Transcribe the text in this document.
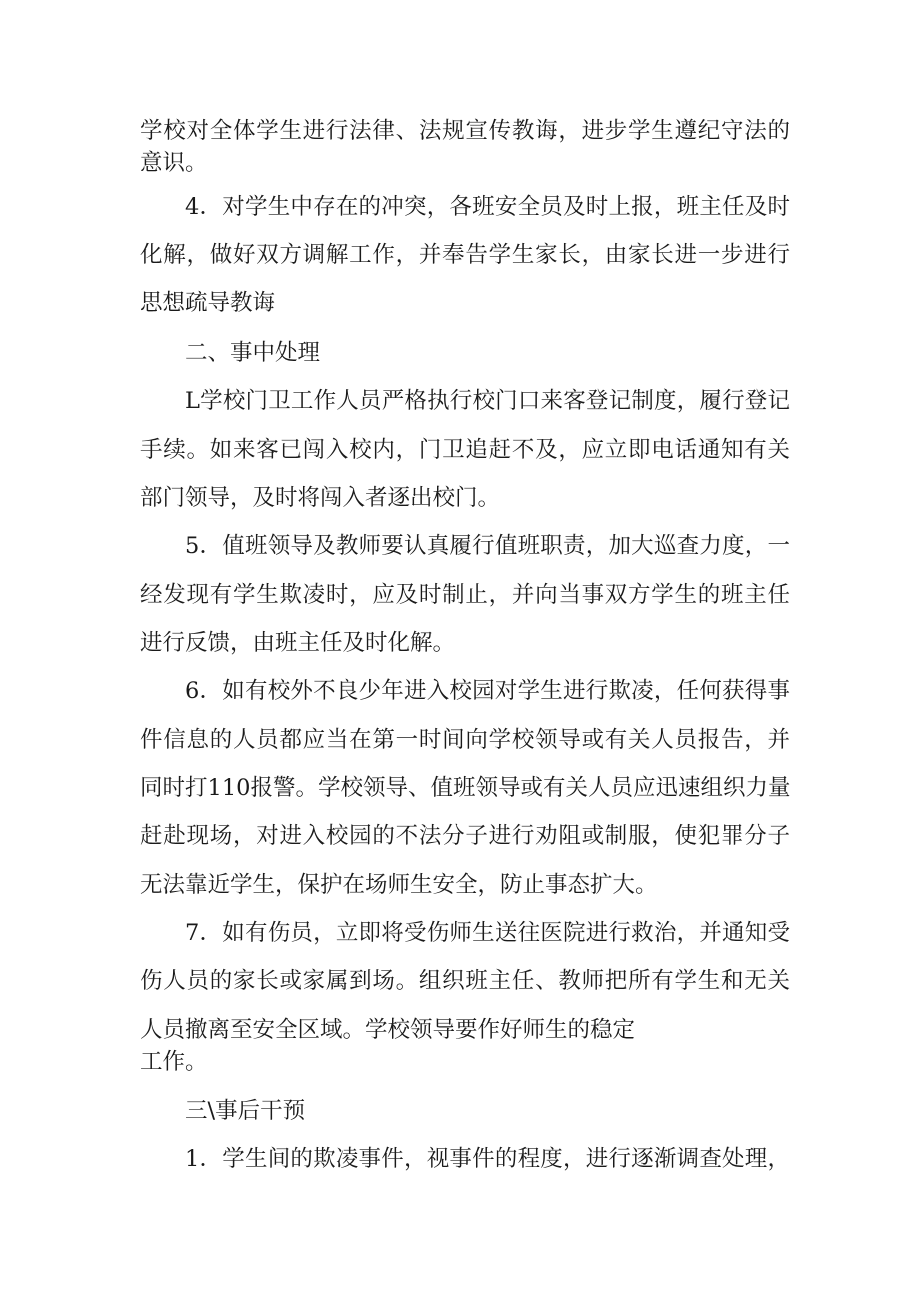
学校对全体学生进行法律、法规宣传教诲，进步学生遵纪守法的

意识。

4．对学生中存在的冲突，各班安全员及时上报，班主任及时

化解，做好双方调解工作，并奉告学生家长，由家长进一步进行

思想疏导教诲

二、事中处理

L学校门卫工作人员严格执行校门口来客登记制度，履行登记

手续。如来客已闯入校内，门卫追赶不及，应立即电话通知有关

部门领导，及时将闯入者逐出校门。

5．值班领导及教师要认真履行值班职责，加大巡查力度，一

经发现有学生欺凌时，应及时制止，并向当事双方学生的班主任

进行反馈，由班主任及时化解。

6．如有校外不良少年进入校园对学生进行欺凌，任何获得事

件信息的人员都应当在第一时间向学校领导或有关人员报告，并

同时打110报警。学校领导、值班领导或有关人员应迅速组织力量

赶赴现场，对进入校园的不法分子进行劝阻或制服，使犯罪分子

无法靠近学生，保护在场师生安全，防止事态扩大。

7．如有伤员，立即将受伤师生送往医院进行救治，并通知受

伤人员的家长或家属到场。组织班主任、教师把所有学生和无关

人员撤离至安全区域。学校领导要作好师生的稳定

工作。

三\事后干预

1．学生间的欺凌事件，视事件的程度，进行逐渐调查处理，
